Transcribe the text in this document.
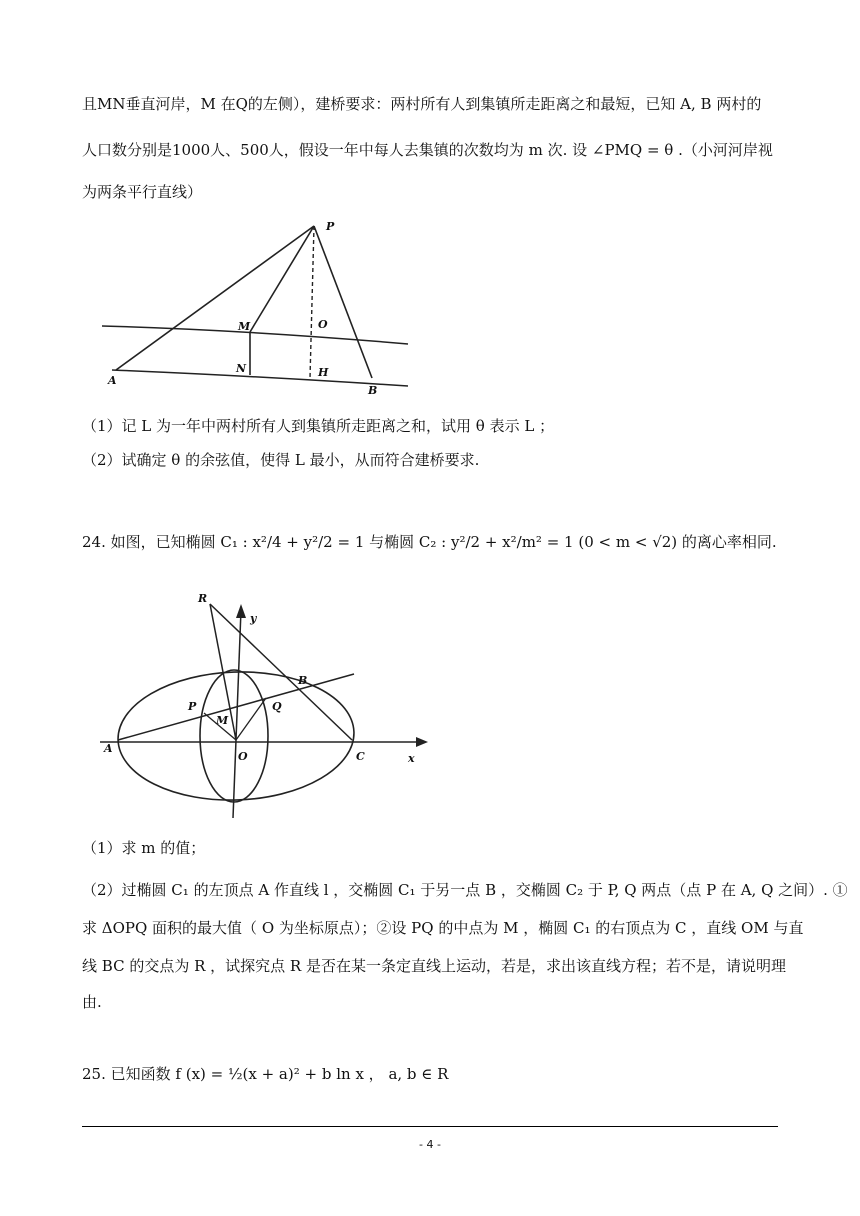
且MN垂直河岸，M 在Q的左侧），建桥要求：两村所有人到集镇所走距离之和最短，已知 A, B 两村的
人口数分别是1000人、500人，假设一年中每人去集镇的次数均为 m 次. 设 ∠PMQ = θ .（小河河岸视
为两条平行直线）
P
M	O
N	H
A
B
（1）记 L 为一年中两村所有人到集镇所走距离之和，试用 θ 表示 L ；
（2）试确定 θ 的余弦值，使得 L 最小，从而符合建桥要求.
24. 如图，已知椭圆 C₁ : x²/4 + y²/2 = 1 与椭圆 C₂ : y²/2 + x²/m² = 1 (0 < m < √2) 的离心率相同.
R
y
B
P
M
Q
A
O	C	x
（1）求 m 的值；
（2）过椭圆 C₁ 的左顶点 A 作直线 l ，交椭圆 C₁ 于另一点 B ，交椭圆 C₂ 于 P, Q 两点（点 P 在 A, Q 之间）. ①
求 ΔOPQ 面积的最大值（ O 为坐标原点）；②设 PQ 的中点为 M ，椭圆 C₁ 的右顶点为 C ，直线 OM 与直
线 BC 的交点为 R ，试探究点 R 是否在某一条定直线上运动，若是，求出该直线方程；若不是，请说明理
由.
25. 已知函数 f (x) = ½(x + a)² + b ln x ， a, b ∈ R
- 4 -
